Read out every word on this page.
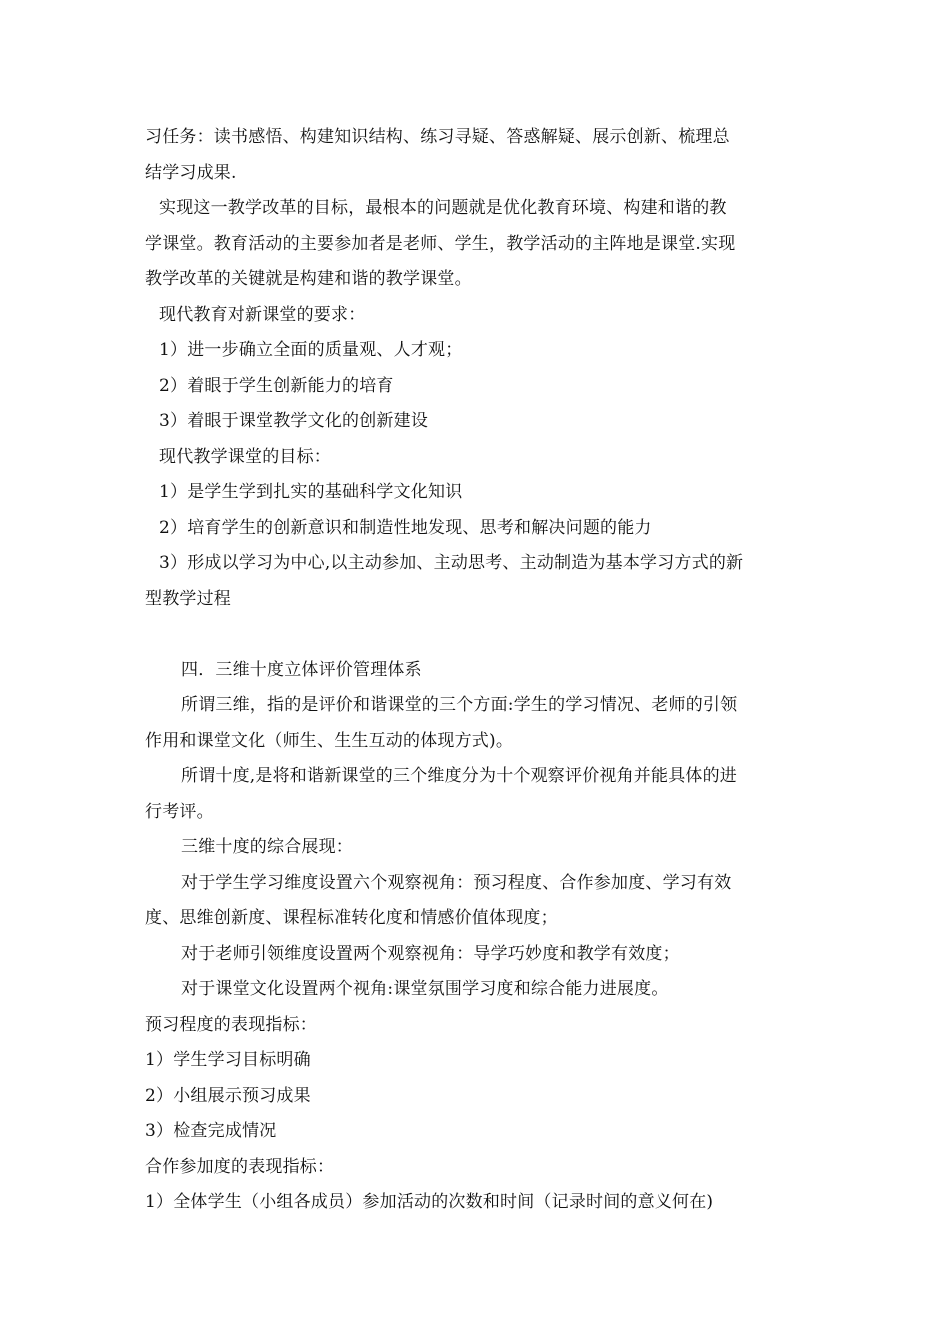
习任务：读书感悟、构建知识结构、练习寻疑、答惑解疑、展示创新、梳理总
结学习成果.
实现这一教学改革的目标，最根本的问题就是优化教育环境、构建和谐的教
学课堂。教育活动的主要参加者是老师、学生，教学活动的主阵地是课堂.实现
教学改革的关键就是构建和谐的教学课堂。
现代教育对新课堂的要求：
1）进一步确立全面的质量观、人才观；
2）着眼于学生创新能力的培育
3）着眼于课堂教学文化的创新建设
现代教学课堂的目标：
1）是学生学到扎实的基础科学文化知识
2）培育学生的创新意识和制造性地发现、思考和解决问题的能力
3）形成以学习为中心,以主动参加、主动思考、主动制造为基本学习方式的新
型教学过程
四．三维十度立体评价管理体系
所谓三维，指的是评价和谐课堂的三个方面:学生的学习情况、老师的引领
作用和课堂文化（师生、生生互动的体现方式)。
所谓十度,是将和谐新课堂的三个维度分为十个观察评价视角并能具体的进
行考评。
三维十度的综合展现：
对于学生学习维度设置六个观察视角：预习程度、合作参加度、学习有效
度、思维创新度、课程标准转化度和情感价值体现度；
对于老师引领维度设置两个观察视角：导学巧妙度和教学有效度；
对于课堂文化设置两个视角:课堂氛围学习度和综合能力进展度。
预习程度的表现指标：
1）学生学习目标明确
2）小组展示预习成果
3）检查完成情况
合作参加度的表现指标：
1）全体学生（小组各成员）参加活动的次数和时间（记录时间的意义何在)
